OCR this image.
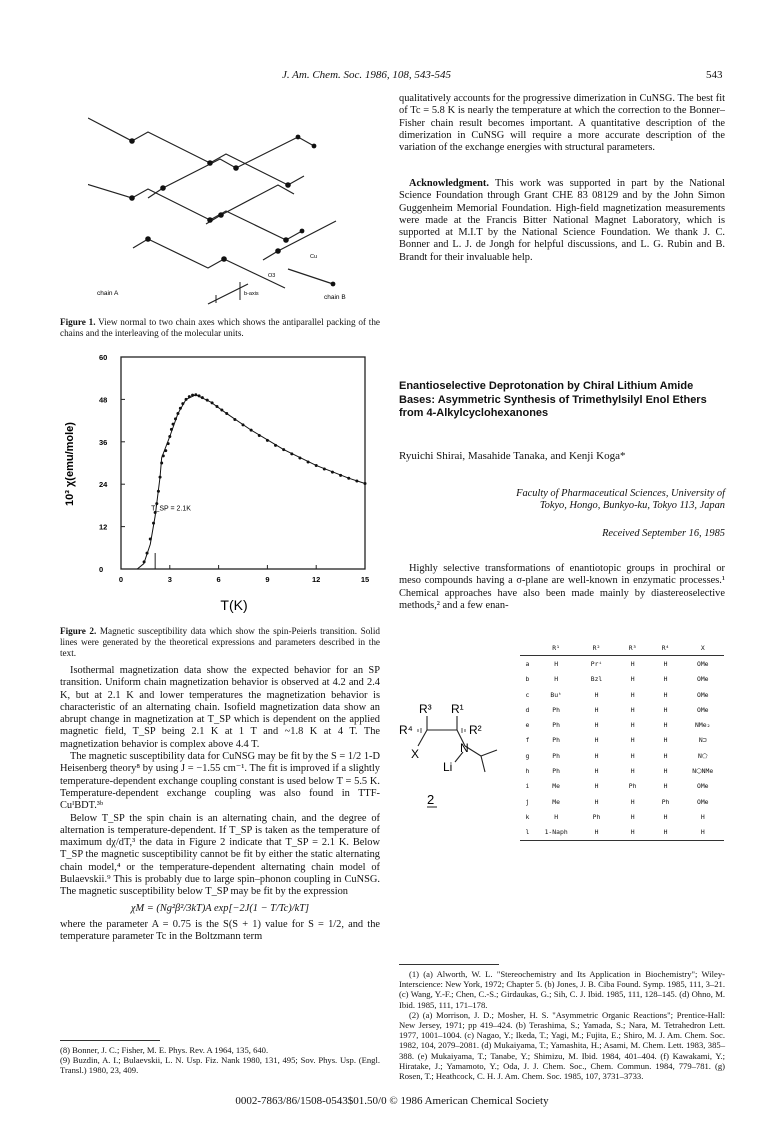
J. Am. Chem. Soc. 1986, 108, 543-545	543
chain A
chain B
b-axis
O3
Cu
Figure 1. View normal to two chain axes which shows the antiparallel packing of the chains and the interleaving of the molecular units.
0
12
24
36
48
60
0	3	6	9	12	15
10³ χ(emu/mole)
T(K)
T_SP = 2.1K
Figure 2. Magnetic susceptibility data which show the spin-Peierls transition. Solid lines were generated by the theoretical expressions and parameters described in the text.

Isothermal magnetization data show the expected behavior for an SP transition. Uniform chain magnetization behavior is observed at 4.2 and 2.4 K, but at 2.1 K and lower temperatures the magnetization behavior is characteristic of an alternating chain. Isofield magnetization data show an abrupt change in magnetization at T_SP which is dependent on the applied magnetic field, T_SP being 2.1 K at 1 T and ~1.8 K at 4 T. The magnetization behavior is complex above 4.4 T.

The magnetic susceptibility data for CuNSG may be fit by the S = 1/2 1-D Heisenberg theory⁸ by using J = −1.55 cm⁻¹. The fit is improved if a slightly temperature-dependent exchange coupling constant is used below T = 5.5 K. Temperature-dependent exchange coupling was also found in TTF-CuᴵBDT.³ᵇ

Below T_SP the spin chain is an alternating chain, and the degree of alternation is temperature-dependent. If T_SP is taken as the temperature of maximum dχ/dT,³ the data in Figure 2 indicate that T_SP = 2.1 K. Below T_SP the magnetic susceptibility cannot be fit by either the static alternating chain model,⁴ or the temperature-dependent alternating chain model of Bulaevskii.⁹ This is probably due to large spin–phonon coupling in CuNSG. The magnetic susceptibility below T_SP may be fit by the expression

χM = (Ng²β²/3kT)A exp[−2J(1 − T/Tc)/kT]

where the parameter A = 0.75 is the S(S + 1) value for S = 1/2, and the temperature parameter Tc in the Boltzmann term

(8) Bonner, J. C.; Fisher, M. E. Phys. Rev. A 1964, 135, 640.
(9) Buzdin, A. I.; Bulaevskii, L. N. Usp. Fiz. Nank 1980, 131, 495; Sov. Phys. Usp. (Engl. Transl.) 1980, 23, 409.
qualitatively accounts for the progressive dimerization in CuNSG. The best fit of Tc = 5.8 K is nearly the temperature at which the correction to the Bonner–Fisher chain result becomes important. A quantitative description of the dimerization in CuNSG will require a more accurate description of the variation of the exchange energies with structural parameters.
Acknowledgment. This work was supported in part by the National Science Foundation through Grant CHE 83 08129 and by the John Simon Guggenheim Memorial Foundation. High-field magnetization measurements were made at the Francis Bitter National Magnet Laboratory, which is supported at M.I.T by the National Science Foundation. We thank J. C. Bonner and L. J. de Jongh for helpful discussions, and L. G. Rubin and B. Brandt for their invaluable help.
Enantioselective Deprotonation by Chiral Lithium Amide Bases: Asymmetric Synthesis of Trimethylsilyl Enol Ethers from 4-Alkylcyclohexanones
Ryuichi Shirai, Masahide Tanaka, and Kenji Koga*
Faculty of Pharmaceutical Sciences, University of
Tokyo, Hongo, Bunkyo-ku, Tokyo 113, Japan
Received September 16, 1985
Highly selective transformations of enantiotopic groups in prochiral or meso compounds having a σ-plane are well-known in enzymatic processes.¹ Chemical approaches have also been made mainly by diastereoselective methods,² and a few enan-
R³ R¹
R⁴	R²
X
Li
N
2
	R¹	R²	R³	R⁴	X
a	H	Prⁱ	H	H	OMe
b	H	Bzl	H	H	OMe
c	Buᵗ	H	H	H	OMe
d	Ph	H	H	H	OMe
e	Ph	H	H	H	NMe₂
f	Ph	H	H	H	N⊐
g	Ph	H	H	H	N⬠
h	Ph	H	H	H	N⬡NMe
i	Me	H	Ph	H	OMe
j	Me	H	H	Ph	OMe
k	H	Ph	H	H	H
l	1-Naph	H	H	H	H
(1) (a) Alworth, W. L. "Stereochemistry and Its Application in Biochemistry"; Wiley-Interscience: New York, 1972; Chapter 5. (b) Jones, J. B. Ciba Found. Symp. 1985, 111, 3–21. (c) Wang, Y.-F.; Chen, C.-S.; Girdaukas, G.; Sih, C. J. Ibid. 1985, 111, 128–145. (d) Ohno, M. Ibid. 1985, 111, 171–178.
(2) (a) Morrison, J. D.; Mosher, H. S. "Asymmetric Organic Reactions"; Prentice-Hall: New Jersey, 1971; pp 419–424. (b) Terashima, S.; Yamada, S.; Nara, M. Tetrahedron Lett. 1977, 1001–1004. (c) Nagao, Y.; Ikeda, T.; Yagi, M.; Fujita, E.; Shiro, M. J. Am. Chem. Soc. 1982, 104, 2079–2081. (d) Mukaiyama, T.; Yamashita, H.; Asami, M. Chem. Lett. 1983, 385–388. (e) Mukaiyama, T.; Tanabe, Y.; Shimizu, M. Ibid. 1984, 401–404. (f) Kawakami, Y.; Hiratake, J.; Yamamoto, Y.; Oda, J. J. Chem. Soc., Chem. Commun. 1984, 779–781. (g) Rosen, T.; Heathcock, C. H. J. Am. Chem. Soc. 1985, 107, 3731–3733.
0002-7863/86/1508-0543$01.50/0 © 1986 American Chemical Society
